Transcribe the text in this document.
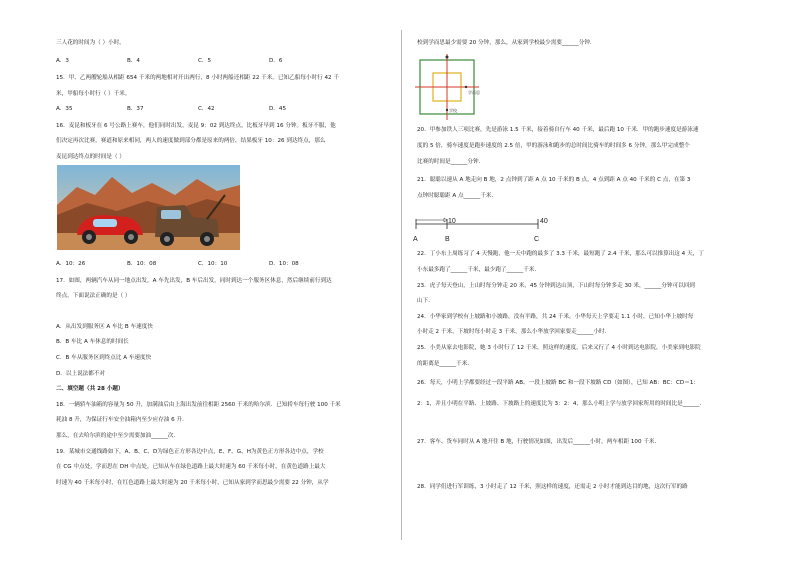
三人花的时间为（ ）小时。
A．3	B．4	C．5	D．6
15．甲、乙两艘轮船从相距 654 千米的两地相对开出两行，8 小时两船还相距 22 千米。已知乙船每小时行 42 千
米，甲船每小时行（ ）千米。
A．35	B．37	C．42	D．45
16．麦昆和板牙在 6 号公路上赛车，他们同时出发，麦昆 9：02 到达终点，比板牙早到 16 分钟。板牙不服，他
们决定再次比赛，赛道和原来相同，两人的速度做到部分都是原来的两倍，结果板牙 10：26 到达终点，那么
麦昆到达终点的时间是（ ）
A．10：26	B．10：08	C．10：10	D．10：08
17．如图，两辆汽车从同一地点出发，A 车先出发，B 车后出发，同时到达一个服务区休息，然后继续前行到达
终点。下面说法正确的是（ ）
A．从出发到服务区 A 车比 B 车速度快
B．B 车比 A 车休息的时间长
C．B 车从服务区到终点比 A 车速度快
D．以上说法都不对
二、填空题（共 28 小题）
18．一辆轿车油箱的容量为 50 升，加满油后由上海出发前往相距 2560 千米的哈尔滨．已知轿车每行驶 100 千米
耗油 8 升，为保证行车安全油箱内至少应存油 6 升．
那么，在去哈尔滨的途中至少需要加油______次．
19．某城市交通线路如下，A、B、C、D为绿色正方形各边中点，E、F、G、H为黄色正方形各边中点，学校
在 CG 中点处，学而思在 DH 中点处，已知从车在绿色道路上最大时速为 60 千米每小时，在黄色道路上最大
时速为 40 千米每小时，在红色道路上最大时速为 20 千米每小时，已知从家到学而思最少需要 22 分钟，从学
校到学而思最少需要 20 分钟，那么，从家到学校最少需要______分钟．
20．甲参加铁人三项比赛，先是游泳 1.5 千米，接着骑自行车 40 千米，最后跑 10 千米．甲的跑步速度是游泳速
度的 5 倍，骑车速度是跑步速度的 2.5 倍，甲的游泳和跑步的总时间比骑车的时间多 6 分钟，那么甲完成整个
比赛的时间是______分钟．
21．聪聪以速从 A 地走向 B 地，2 点钟到了距 A 点 10 千米的 B 点，4 点到距 A 点 40 千米的 C 点，在第 3
点钟时聪聪距 A 点______千米．
22．丁小东上周练习了 4 天慢跑，他一天中跑的最多了 3.3 千米，最短跑了 2.4 千米，那么可以推算出这 4 天，丁
小东最多跑了______千米，最少跑了______千米．
23．虎子每天登山，上山时每分钟走 20 米，45 分钟到达山顶，下山时每分钟多走 30 米，______分钟可以回到
山下．
24．小华家到学校有上坡路和小坡路，没有平路，共 24 千米，小华每天上学要走 1.1 小时，已知小华上坡时每
小时走 2 千米，下坡时每小时走 3 千米，那么小华放学回家要走______小时．
25．小美从家去电影院，她 3 小时行了 12 千米，照这样的速度，后来又行了 4 小时到达电影院，小美家到电影院
的距离是______千米．
26．每天，小明上学都要经过一段平路 AB、一段上坡路 BC 和一段下坡路 CD（如图），已知 AB：BC：CD＝1：
2：1，并且小明在平路、上坡路、下坡路上的速度比为 3：2：4，那么小明上学与放学回家所用的时间比是______．
27．客车、货车同时从 A 地开往 B 地，行驶情况如图，出发后______小时，两车相距 100 千米．
28．同学们进行军训练，3 小时走了 12 千米，照这样的速度，还需走 2 小时才能到达目的地，这次行军的路
学校
学而思
10	40
A	B	C
